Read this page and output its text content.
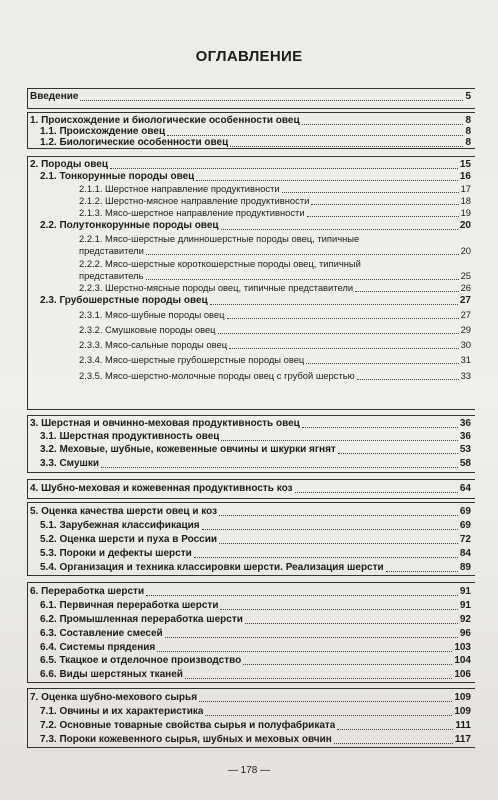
ОГЛАВЛЕНИЕ
Введение	5
1. Происхождение и биологические особенности овец	8
1.1. Происхождение овец	8
1.2. Биологические особенности овец	8
2. Породы овец	15
2.1. Тонкорунные породы овец	16
2.1.1. Шерстное направление продуктивности	17
2.1.2. Шерстно-мясное направление продуктивности	18
2.1.3. Мясо-шерстное направление продуктивности	19
2.2. Полутонкорунные породы овец	20
2.2.1. Мясо-шерстные длинношерстные породы овец, типичные
представители	20
2.2.2. Мясо-шерстные короткошерстные породы овец, типичный
представитель	25
2.2.3. Шерстно-мясные породы овец, типичные представители	26
2.3. Грубошерстные породы овец	27
2.3.1. Мясо-шубные породы овец	27
2.3.2. Смушковые породы овец	29
2.3.3. Мясо-сальные породы овец	30
2.3.4. Мясо-шерстные грубошерстные породы овец	31
2.3.5. Мясо-шерстно-молочные породы овец с грубой шерстью	33
3. Шерстная и овчинно-меховая продуктивность овец	36
3.1. Шерстная продуктивность овец	36
3.2. Меховые, шубные, кожевенные овчины и шкурки ягнят	53
3.3. Смушки	58
4. Шубно-меховая и кожевенная продуктивность коз	64
5. Оценка качества шерсти овец и коз	69
5.1. Зарубежная классификация	69
5.2. Оценка шерсти и пуха в России	72
5.3. Пороки и дефекты шерсти	84
5.4. Организация и техника классировки шерсти. Реализация шерсти	89
6. Переработка шерсти	91
6.1. Первичная переработка шерсти	91
6.2. Промышленная переработка шерсти	92
6.3. Составление смесей	96
6.4. Системы прядения	103
6.5. Ткацкое и отделочное производство	104
6.6. Виды шерстяных тканей	106
7. Оценка шубно-мехового сырья	109
7.1. Овчины и их характеристика	109
7.2. Основные товарные свойства сырья и полуфабриката	111
7.3. Пороки кожевенного сырья, шубных и меховых овчин	117
— 178 —
